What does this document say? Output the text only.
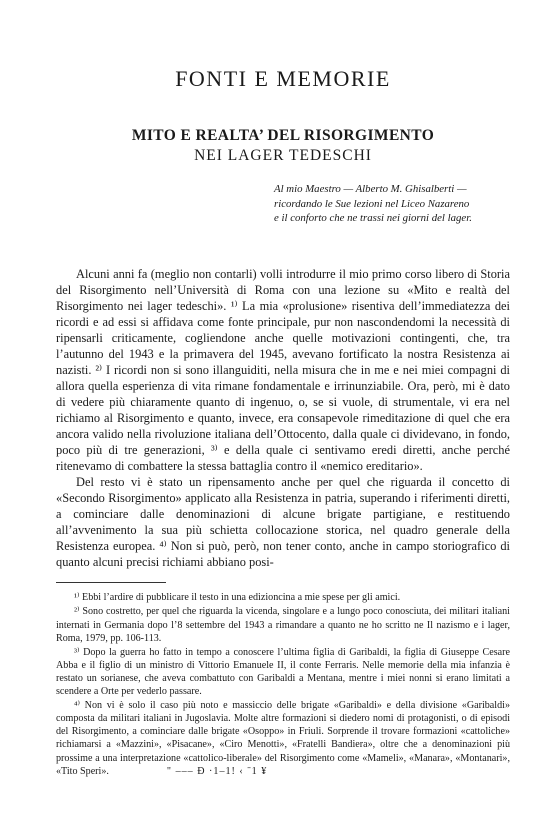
FONTI E MEMORIE
MITO E REALTA’ DEL RISORGIMENTO
NEI LAGER TEDESCHI
Al mio Maestro — Alberto M. Ghisalberti —
ricordando le Sue lezioni nel Liceo Nazareno
e il conforto che ne trassi nei giorni del lager.

Alcuni anni fa (meglio non contarli) volli introdurre il mio primo corso libero di Storia del Risorgimento nell’Università di Roma con una lezione su «Mito e realtà del Risorgimento nei lager tedeschi». ¹⁾ La mia «prolusione» risentiva dell’immediatezza dei ricordi e ad essi si affidava come fonte principale, pur non nascondendomi la necessità di ripensarli criticamente, cogliendone anche quelle motivazioni contingenti, che, tra l’autunno del 1943 e la primavera del 1945, avevano fortificato la nostra Resistenza ai nazisti. ²⁾ I ricordi non si sono illanguiditi, nella misura che in me e nei miei compagni di allora quella esperienza di vita rimane fondamentale e irrinunziabile. Ora, però, mi è dato di vedere più chiaramente quanto di ingenuo, o, se si vuole, di strumentale, vi era nel richiamo al Risorgimento e quanto, invece, era consapevole rimeditazione di quel che era ancora valido nella rivoluzione italiana dell’Ottocento, dalla quale ci dividevano, in fondo, poco più di tre generazioni, ³⁾ e della quale ci sentivamo eredi diretti, anche perché ritenevamo di combattere la stessa battaglia contro il «nemico ereditario».

Del resto vi è stato un ripensamento anche per quel che riguarda il concetto di «Secondo Risorgimento» applicato alla Resistenza in patria, superando i riferimenti diretti, a cominciare dalle denominazioni di alcune brigate partigiane, e restituendo all’avvenimento la sua più schietta collocazione storica, nel quadro generale della Resistenza europea. ⁴⁾ Non si può, però, non tener conto, anche in campo storiografico di quanto alcuni precisi richiami abbiano posi-

¹⁾ Ebbi l’ardire di pubblicare il testo in una edizioncina a mie spese per gli amici.

²⁾ Sono costretto, per quel che riguarda la vicenda, singolare e a lungo poco conosciuta, dei militari italiani internati in Germania dopo l’8 settembre del 1943 a rimandare a quanto ne ho scritto ne Il nazismo e i lager, Roma, 1979, pp. 106-113.

³⁾ Dopo la guerra ho fatto in tempo a conoscere l’ultima figlia di Garibaldi, la figlia di Giuseppe Cesare Abba e il figlio di un ministro di Vittorio Emanuele II, il conte Ferraris. Nelle memorie della mia infanzia è restato un sorianese, che aveva combattuto con Garibaldi a Mentana, mentre i miei nonni si erano limitati a scendere a Orte per vederlo passare.

⁴⁾ Non vi è solo il caso più noto e massiccio delle brigate «Garibaldi» e della divisione «Garibaldi» composta da militari italiani in Jugoslavia. Molte altre formazioni si diedero nomi di protagonisti, o di episodi del Risorgimento, a cominciare dalle brigate «Osoppo» in Friuli. Sorprende il trovare formazioni «cattoliche» richiamarsi a «Mazzini», «Pisacane», «Ciro Menotti», «Fratelli Bandiera», oltre che a denominazioni più prossime a una interpretazione «cattolico-liberale» del Risorgimento come «Mameli», «Manara», «Montanari», «Tito Speri».	" ––– Ð ·1–1! ‹ ˉ1 ¥
